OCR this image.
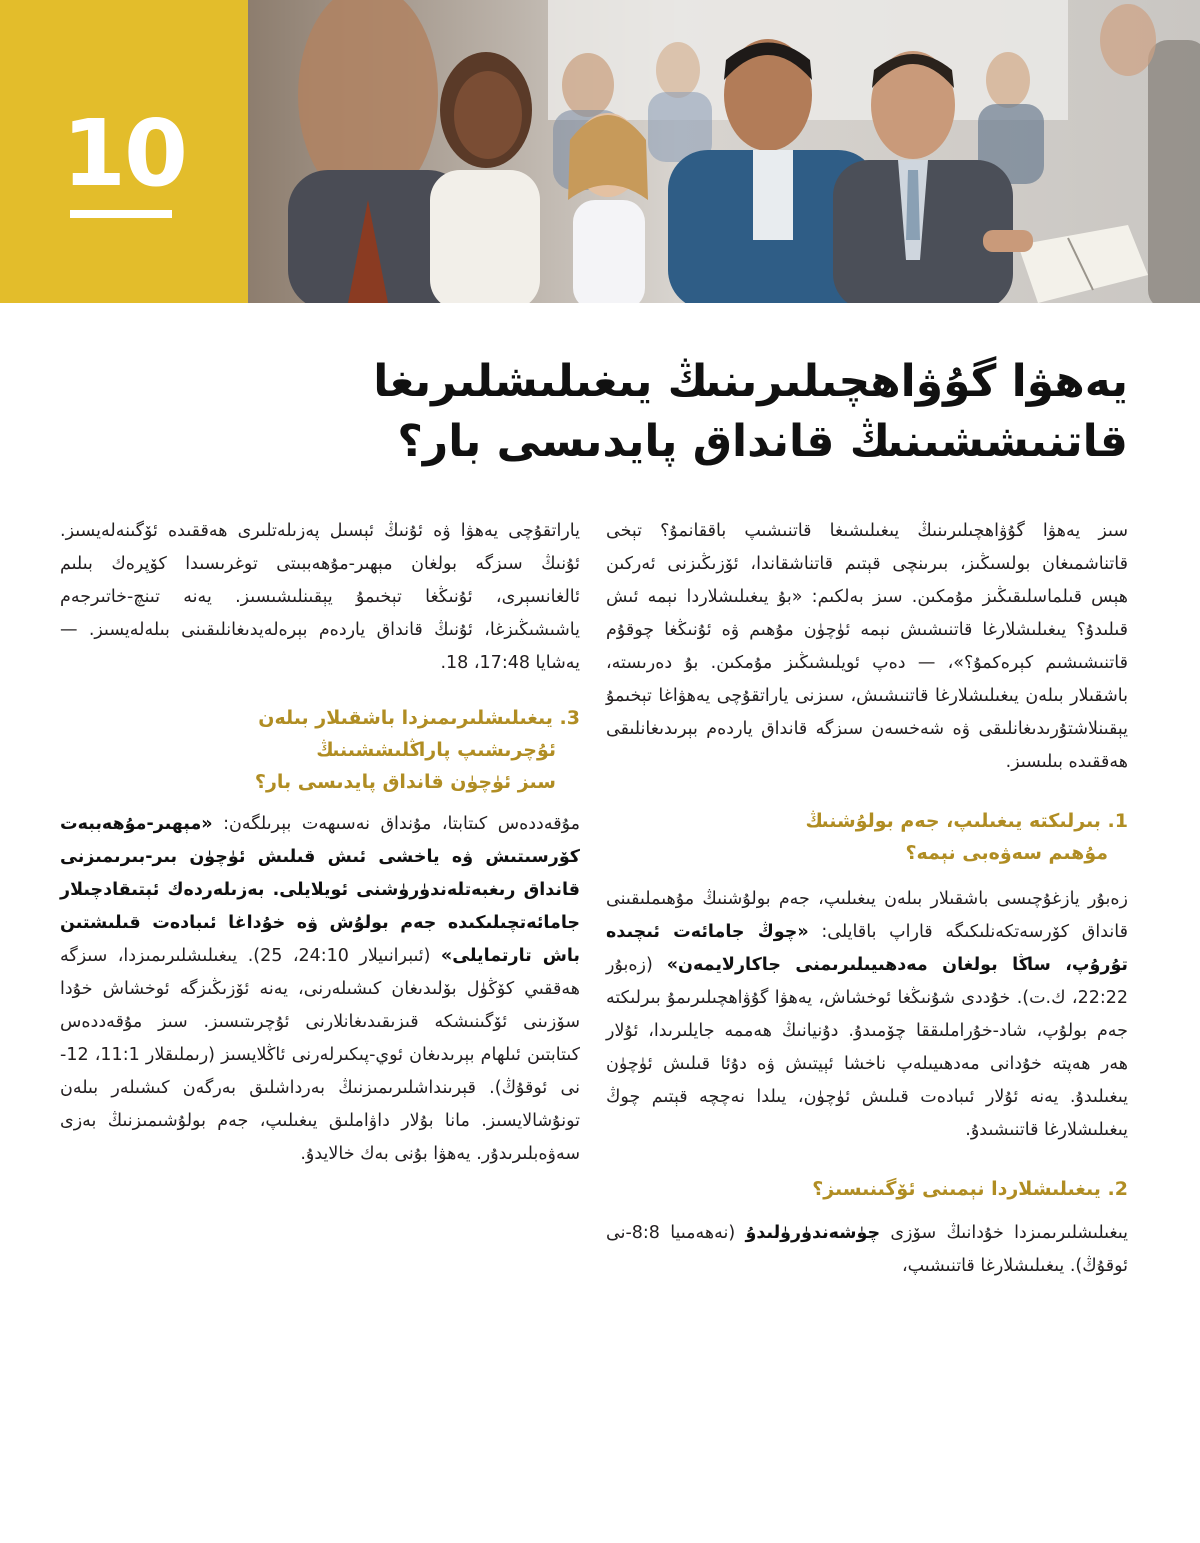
10
يەھۋا گۇۋاھچىلىرىنىڭ يىغىلىشلىرىغا
قاتنىششىنىڭ قانداق پايدىسى بار؟

سىز يەھۋا گۇۋاھچىلىرىنىڭ يىغىلىشىغا قاتنىشىپ باققانمۇ؟ تېخى قاتناشمىغان بولسىڭىز، بىرىنچى قېتىم قاتناشقاندا، ئۆزىڭىزنى ئەركىن ھېس قىلماسلىقىڭىز مۇمكىن. سىز بەلكىم: «بۇ يىغىلىشلاردا نېمە ئىش قىلىدۇ؟ يىغىلىشلارغا قاتنىشىش نېمە ئۈچۈن مۇھىم ۋە ئۇنىڭغا چوقۇم قاتنىشىشىم كېرەكمۇ؟»، — دەپ ئويلىشىڭىز مۇمكىن. بۇ دەرىستە، باشقىلار بىلەن يىغىلىشلارغا قاتنىشىش، سىزنى ياراتقۇچى يەھۋاغا تېخىمۇ يېقىنلاشتۇرىدىغانلىقى ۋە شەخسەن سىزگە قانداق ياردەم بېرىدىغانلىقى ھەققىدە بىلىسىز.

1. بىرلىكتە يىغىلىپ، جەم بولۇشنىڭ
مۇھىم سەۋەبى نېمە؟

زەبۇر يازغۇچىسى باشقىلار بىلەن يىغىلىپ، جەم بولۇشنىڭ مۇھىملىقىنى قانداق كۆرسەتكەنلىكىگە قاراپ باقايلى: «چوڭ جامائەت ئىچىدە تۇرۇپ، ساڭا بولغان مەدھىيىلىرىمنى جاكارلايمەن» (زەبۇر 22:22، ك.ت). خۇددى شۇنىڭغا ئوخشاش، يەھۋا گۇۋاھچىلىرىمۇ بىرلىكتە جەم بولۇپ، شاد-خۇراملىققا چۆمىدۇ. دۇنيانىڭ ھەممە جايلىرىدا، ئۇلار ھەر ھەپتە خۇدانى مەدھىيىلەپ ناخشا ئېيتىش ۋە دۇئا قىلىش ئۈچۈن يىغىلىدۇ. يەنە ئۇلار ئىبادەت قىلىش ئۈچۈن، يىلدا نەچچە قېتىم چوڭ يىغىلىشلارغا قاتنىشىدۇ.

2. يىغىلىشلاردا نېمىنى ئۆگىنىسىز؟

يىغىلىشلىرىمىزدا خۇدانىڭ سۆزى چۈشەندۈرۈلىدۇ (نەھەمىيا 8:8-نى ئوقۇڭ). يىغىلىشلارغا قاتنىشىپ،

ياراتقۇچى يەھۋا ۋە ئۇنىڭ ئېسىل پەزىلەتلىرى ھەققىدە ئۆگىنەلەيسىز. ئۇنىڭ سىزگە بولغان مېھىر-مۇھەببىتى توغرىسىدا كۆپرەك بىلىم ئالغانسېرى، ئۇنىڭغا تېخىمۇ يېقىنلىشىسىز. يەنە تىنچ-خاتىرجەم ياشىشىڭىزغا، ئۇنىڭ قانداق ياردەم بېرەلەيدىغانلىقىنى بىلەلەيسىز. — يەشايا 17:48، 18.

3. يىغىلىشلىرىمىزدا باشقىلار بىلەن
ئۇچرىشىپ پاراڭلىششىنىڭ
سىز ئۈچۈن قانداق پايدىسى بار؟

مۇقەددەس كىتابتا، مۇنداق نەسىھەت بېرىلگەن: «مېھىر-مۇھەببەت كۆرسىتىش ۋە ياخشى ئىش قىلىش ئۈچۈن بىر-بىرىمىزنى قانداق رىغبەتلەندۈرۈشنى ئويلايلى. بەزىلەردەك ئېتىقادچىلار جامائەتچىلىكىدە جەم بولۇش ۋە خۇداغا ئىبادەت قىلىشتىن باش تارتمايلى» (ئىبرانىيلار 24:10، 25). يىغىلىشلىرىمىزدا، سىزگە ھەققىي كۆڭۈل بۆلىدىغان كىشىلەرنى، يەنە ئۆزىڭىزگە ئوخشاش خۇدا سۆزىنى ئۆگىنىشكە قىزىقىدىغانلارنى ئۇچرىتىسىز. سىز مۇقەددەس كىتابتىن ئىلھام بېرىدىغان ئوي-پىكىرلەرنى ئاڭلايسىز (رىملىقلار 11:1، 12-نى ئوقۇڭ). قېرىنداشلىرىمىزنىڭ بەرداشلىق بەرگەن كىشىلەر بىلەن تونۇشالايسىز. مانا بۇلار داۋاملىق يىغىلىپ، جەم بولۇشىمىزنىڭ بەزى سەۋەبلىرىدۇر. يەھۋا بۇنى بەك خالايدۇ.
